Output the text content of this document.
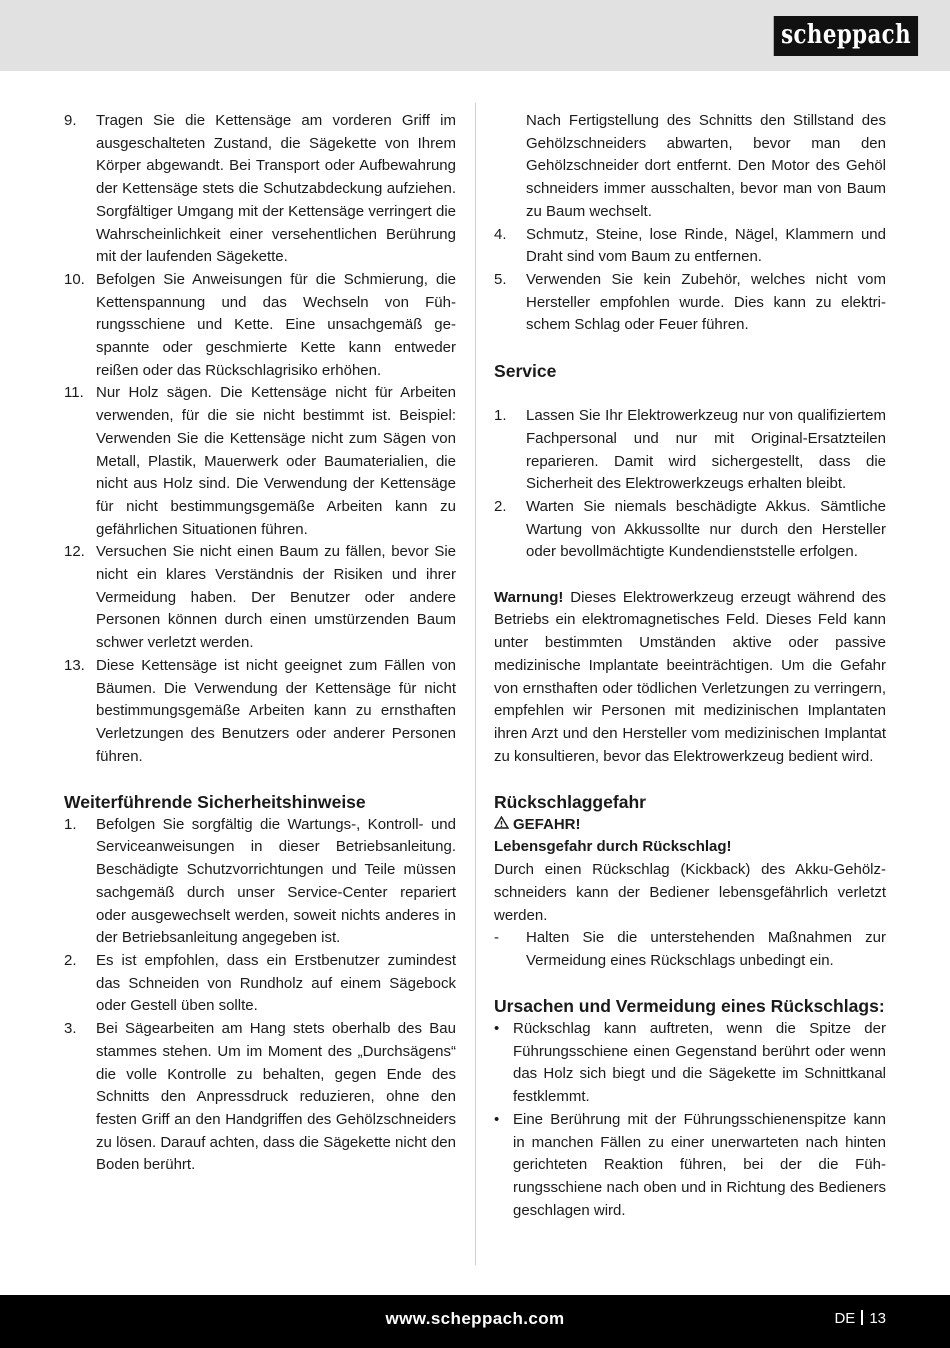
scheppach
9.	Tragen Sie die Kettensäge am vorderen Griff im ausgeschalteten Zustand, die Sägekette von Ihrem Körper abgewandt. Bei Transport oder Aufbewahrung der Kettensäge stets die Schutzabdeckung aufziehen. Sorgfältiger Umgang mit der Kettensäge verringert die Wahrscheinlichkeit einer versehentlichen Berührung mit der laufenden Sägekette.
10. Befolgen Sie Anweisungen für die Schmierung, die Kettenspannung und das Wechseln von Führungsschiene und Kette. Eine unsachgemäß gespannte oder geschmierte Kette kann entweder reißen oder das Rückschlagrisiko erhöhen.
11. Nur Holz sägen. Die Kettensäge nicht für Arbeiten verwenden, für die sie nicht bestimmt ist. Beispiel: Verwenden Sie die Kettensäge nicht zum Sägen von Metall, Plastik, Mauerwerk oder Baumaterialien, die nicht aus Holz sind. Die Verwendung der Kettensäge für nicht bestimmungsgemäße Arbeiten kann zu gefährlichen Situationen führen.
12. Versuchen Sie nicht einen Baum zu fällen, bevor Sie nicht ein klares Verständnis der Risiken und ihrer Vermeidung haben. Der Benutzer oder andere Personen können durch einen umstürzenden Baum schwer verletzt werden.
13. Diese Kettensäge ist nicht geeignet zum Fällen von Bäumen. Die Verwendung der Kettensäge für nicht bestimmungsgemäße Arbeiten kann zu ernsthaften Verletzungen des Benutzers oder anderer Personen führen.
Weiterführende Sicherheitshinweise
1.	Befolgen Sie sorgfältig die Wartungs-, Kontroll- und Serviceanweisungen in dieser Betriebsanleitung. Beschädigte Schutzvorrichtungen und Teile müssen sachgemäß durch unser Service-Center repariert oder ausgewechselt werden, soweit nichts anderes in der Betriebsanleitung angegeben ist.
2.	Es ist empfohlen, dass ein Erstbenutzer zumindest das Schneiden von Rundholz auf einem Sägebock oder Gestell üben sollte.
3.	Bei Sägearbeiten am Hang stets oberhalb des Bau stammes stehen. Um im Moment des „Durchsägens“ die volle Kontrolle zu behalten, gegen Ende des Schnitts den Anpressdruck reduzieren, ohne den festen Griff an den Handgriffen des Gehölzschneiders zu lösen. Darauf achten, dass die Sägekette nicht den Boden berührt.
Nach Fertigstellung des Schnitts den Stillstand des Gehölzschneiders abwarten, bevor man den Gehölzschneider dort entfernt. Den Motor des Gehöl schneiders immer ausschalten, bevor man von Baum zu Baum wechselt.
4.	Schmutz, Steine, lose Rinde, Nägel, Klammern und Draht sind vom Baum zu entfernen.
5.	Verwenden Sie kein Zubehör, welches nicht vom Hersteller empfohlen wurde. Dies kann zu elektrischem Schlag oder Feuer führen.
Service
1.	Lassen Sie Ihr Elektrowerkzeug nur von qualifiziertem Fachpersonal und nur mit Original-Ersatzteilen reparieren. Damit wird sichergestellt, dass die Sicherheit des Elektrowerkzeugs erhalten bleibt.
2.	Warten Sie niemals beschädigte Akkus. Sämtliche Wartung von Akkussollte nur durch den Hersteller oder bevollmächtigte Kundendienststelle erfolgen.

Warnung! Dieses Elektrowerkzeug erzeugt während des Betriebs ein elektromagnetisches Feld. Dieses Feld kann unter bestimmten Umständen aktive oder passive medizinische Implantate beeinträchtigen. Um die Gefahr von ernsthaften oder tödlichen Verletzungen zu verringern, empfehlen wir Personen mit medizinischen Implantaten ihren Arzt und den Hersteller vom medizinischen Implantat zu konsultieren, bevor das Elektrowerkzeug bedient wird.

Rückschlaggefahr
GEFAHR!
Lebensgefahr durch Rückschlag!

Durch einen Rückschlag (Kickback) des Akku-Gehölzschneiders kann der Bediener lebensgefährlich verletzt werden.

-	Halten Sie die unterstehenden Maßnahmen zur Vermeidung eines Rückschlags unbedingt ein.
Ursachen und Vermeidung eines Rückschlags:
• Rückschlag kann auftreten, wenn die Spitze der Führungsschiene einen Gegenstand berührt oder wenn das Holz sich biegt und die Sägekette im Schnittkanal festklemmt.
• Eine Berührung mit der Führungsschienenspitze kann in manchen Fällen zu einer unerwarteten nach hinten gerichteten Reaktion führen, bei der die Führungsschiene nach oben und in Richtung des Bedieners geschlagen wird.
www.scheppach.com	DE 13
